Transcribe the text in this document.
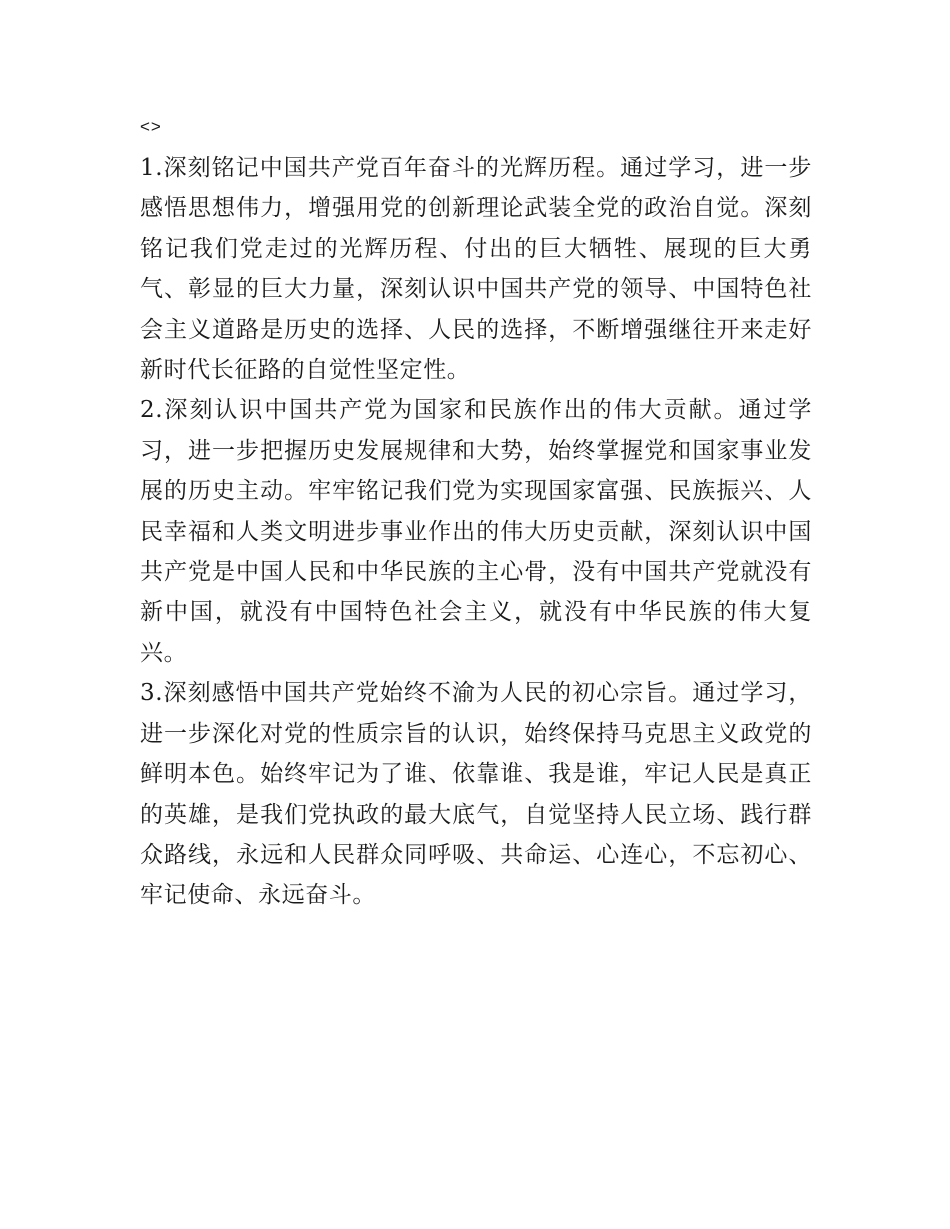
<>

1.深刻铭记中国共产党百年奋斗的光辉历程。通过学习，进一步感悟思想伟力，增强用党的创新理论武装全党的政治自觉。深刻铭记我们党走过的光辉历程、付出的巨大牺牲、展现的巨大勇气、彰显的巨大力量，深刻认识中国共产党的领导、中国特色社会主义道路是历史的选择、人民的选择，不断增强继往开来走好新时代长征路的自觉性坚定性。

2.深刻认识中国共产党为国家和民族作出的伟大贡献。通过学习，进一步把握历史发展规律和大势，始终掌握党和国家事业发展的历史主动。牢牢铭记我们党为实现国家富强、民族振兴、人民幸福和人类文明进步事业作出的伟大历史贡献，深刻认识中国共产党是中国人民和中华民族的主心骨，没有中国共产党就没有新中国，就没有中国特色社会主义，就没有中华民族的伟大复兴。

3.深刻感悟中国共产党始终不渝为人民的初心宗旨。通过学习，进一步深化对党的性质宗旨的认识，始终保持马克思主义政党的鲜明本色。始终牢记为了谁、依靠谁、我是谁，牢记人民是真正的英雄，是我们党执政的最大底气，自觉坚持人民立场、践行群众路线，永远和人民群众同呼吸、共命运、心连心，不忘初心、牢记使命、永远奋斗。
